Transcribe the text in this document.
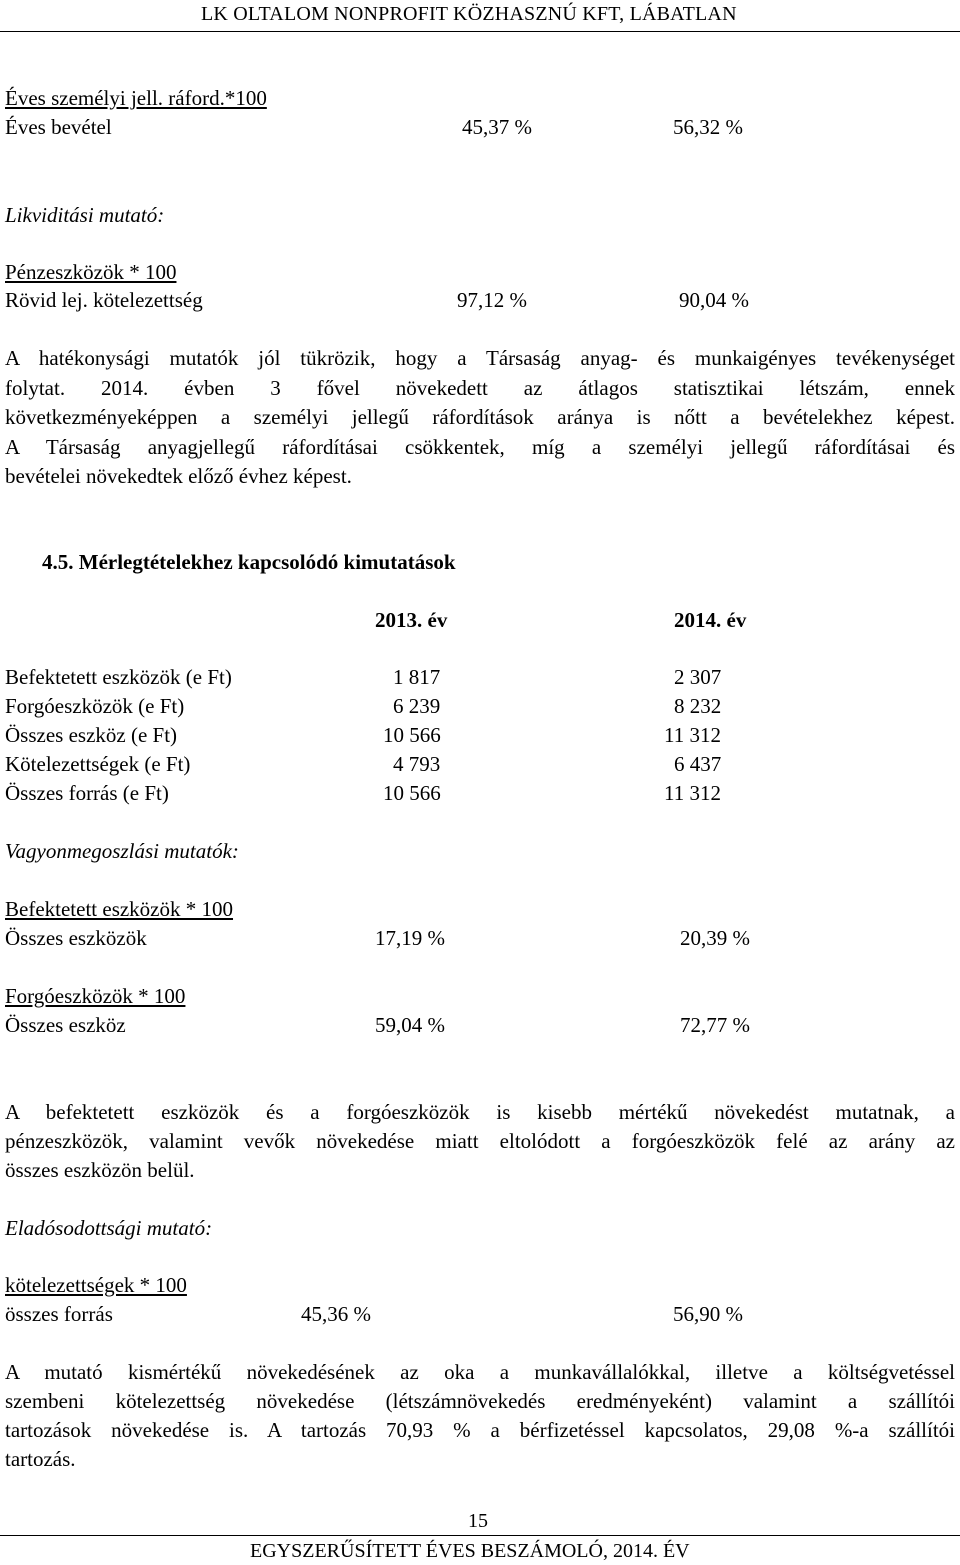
LK OLTALOM NONPROFIT KÖZHASZNÚ KFT, LÁBATLAN
Éves személyi jell. ráford.*100
Éves bevétel	45,37 %	56,32 %
Likviditási mutató:
Pénzeszközök * 100
Rövid lej. kötelezettség	97,12 %	90,04 %
A hatékonysági mutatók jól tükrözik, hogy a Társaság anyag- és munkaigényes tevékenységet
folytat. 2014. évben 3 fővel növekedett az átlagos statisztikai létszám, ennek
következményeképpen a személyi jellegű ráfordítások aránya is nőtt a bevételekhez képest.
A Társaság anyagjellegű ráfordításai csökkentek, míg a személyi jellegű ráfordításai és
bevételei növekedtek előző évhez képest.
4.5. Mérlegtételekhez kapcsolódó kimutatások
2013. év	2014. év
Befektetett eszközök (e Ft)	1 817	2 307
Forgóeszközök (e Ft)	6 239	8 232
Összes eszköz (e Ft)	10 566	11 312
Kötelezettségek (e Ft)	4 793	6 437
Összes forrás (e Ft)	10 566	11 312
Vagyonmegoszlási mutatók:
Befektetett eszközök * 100
Összes eszközök	17,19 %	20,39 %
Forgóeszközök * 100
Összes eszköz	59,04 %	72,77 %
A befektetett eszközök és a forgóeszközök is kisebb mértékű növekedést mutatnak, a
pénzeszközök, valamint vevők növekedése miatt eltolódott a forgóeszközök felé az arány az
összes eszközön belül.
Eladósodottsági mutató:
kötelezettségek * 100
összes forrás	45,36 %	56,90 %
A mutató kismértékű növekedésének az oka a munkavállalókkal, illetve a költségvetéssel
szembeni kötelezettség növekedése (létszámnövekedés eredményeként) valamint a szállítói
tartozások növekedése is. A tartozás 70,93 % a bérfizetéssel kapcsolatos, 29,08 %-a szállítói
tartozás.
15
EGYSZERŰSÍTETT ÉVES BESZÁMOLÓ, 2014. ÉV
